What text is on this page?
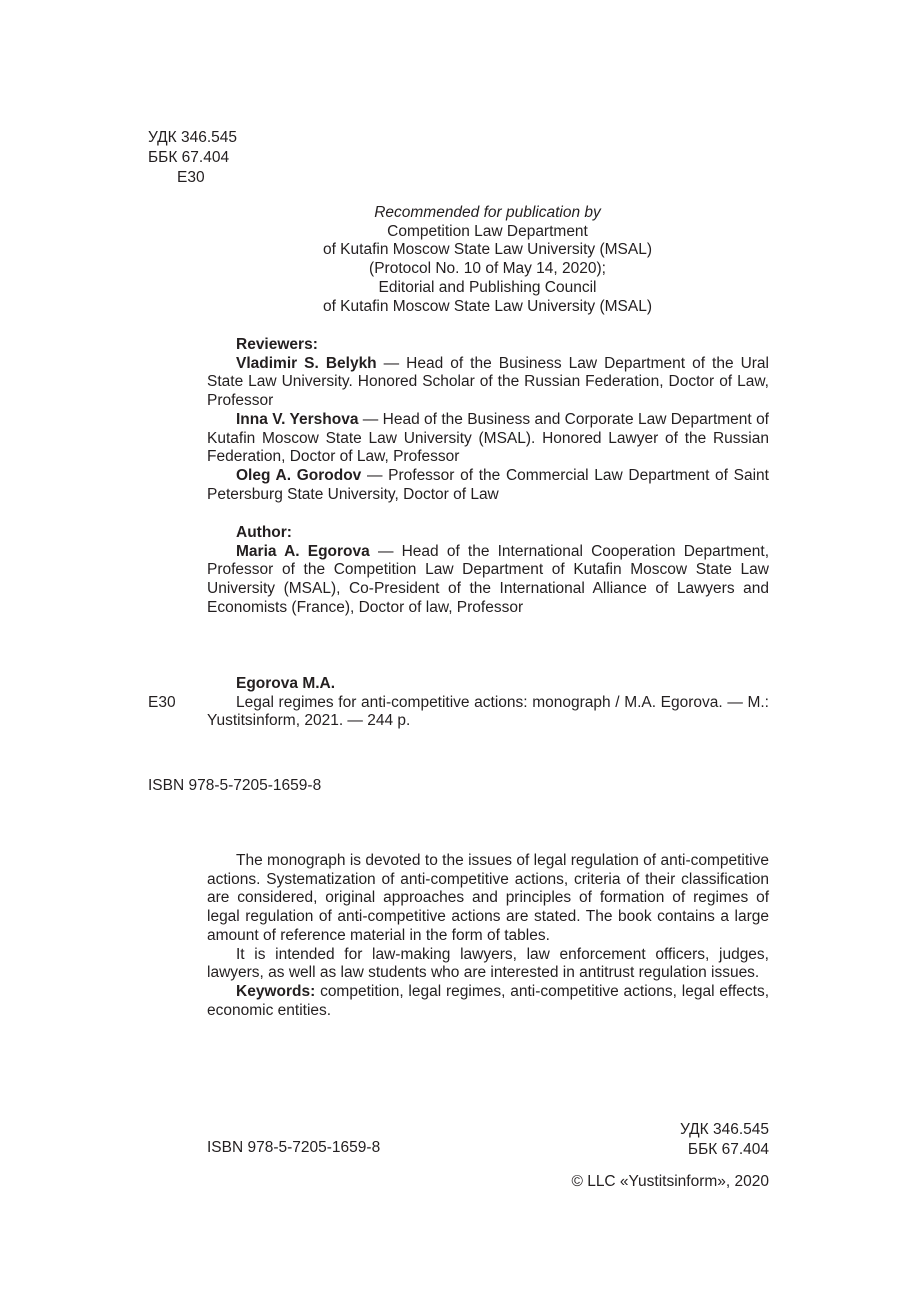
УДК 346.545
ББК 67.404
E30
Recommended for publication by
Competition Law Department
of Kutafin Moscow State Law University (MSAL)
(Protocol No. 10 of May 14, 2020);
Editorial and Publishing Council
of Kutafin Moscow State Law University (MSAL)
Reviewers:
Vladimir S. Belykh — Head of the Business Law Department of the Ural State Law University. Honored Scholar of the Russian Federation, Doctor of Law, Professor
Inna V. Yershova — Head of the Business and Corporate Law Department of Kutafin Moscow State Law University (MSAL). Honored Lawyer of the Russian Federation, Doctor of Law, Professor
Oleg A. Gorodov — Professor of the Commercial Law Department of Saint Petersburg State University, Doctor of Law
Author:
Maria A. Egorova — Head of the International Cooperation Department, Professor of the Competition Law Department of Kutafin Moscow State Law University (MSAL), Co-President of the International Alliance of Lawyers and Economists (France), Doctor of law, Professor
E30
Egorova M.A.
Legal regimes for anti-competitive actions: monograph / M.A. Egorova. — M.: Yustitsinform, 2021. — 244 p.
ISBN 978-5-7205-1659-8
The monograph is devoted to the issues of legal regulation of anti-competitive actions. Systematization of anti-competitive actions, criteria of their classification are considered, original approaches and principles of formation of regimes of legal regulation of anti-competitive actions are stated. The book contains a large amount of reference material in the form of tables.
It is intended for law-making lawyers, law enforcement officers, judges, lawyers, as well as law students who are interested in antitrust regulation issues.
Keywords: competition, legal regimes, anti-competitive actions, legal effects, economic entities.
ISBN 978-5-7205-1659-8
УДК 346.545
ББК 67.404
© LLC «Yustitsinform», 2020
